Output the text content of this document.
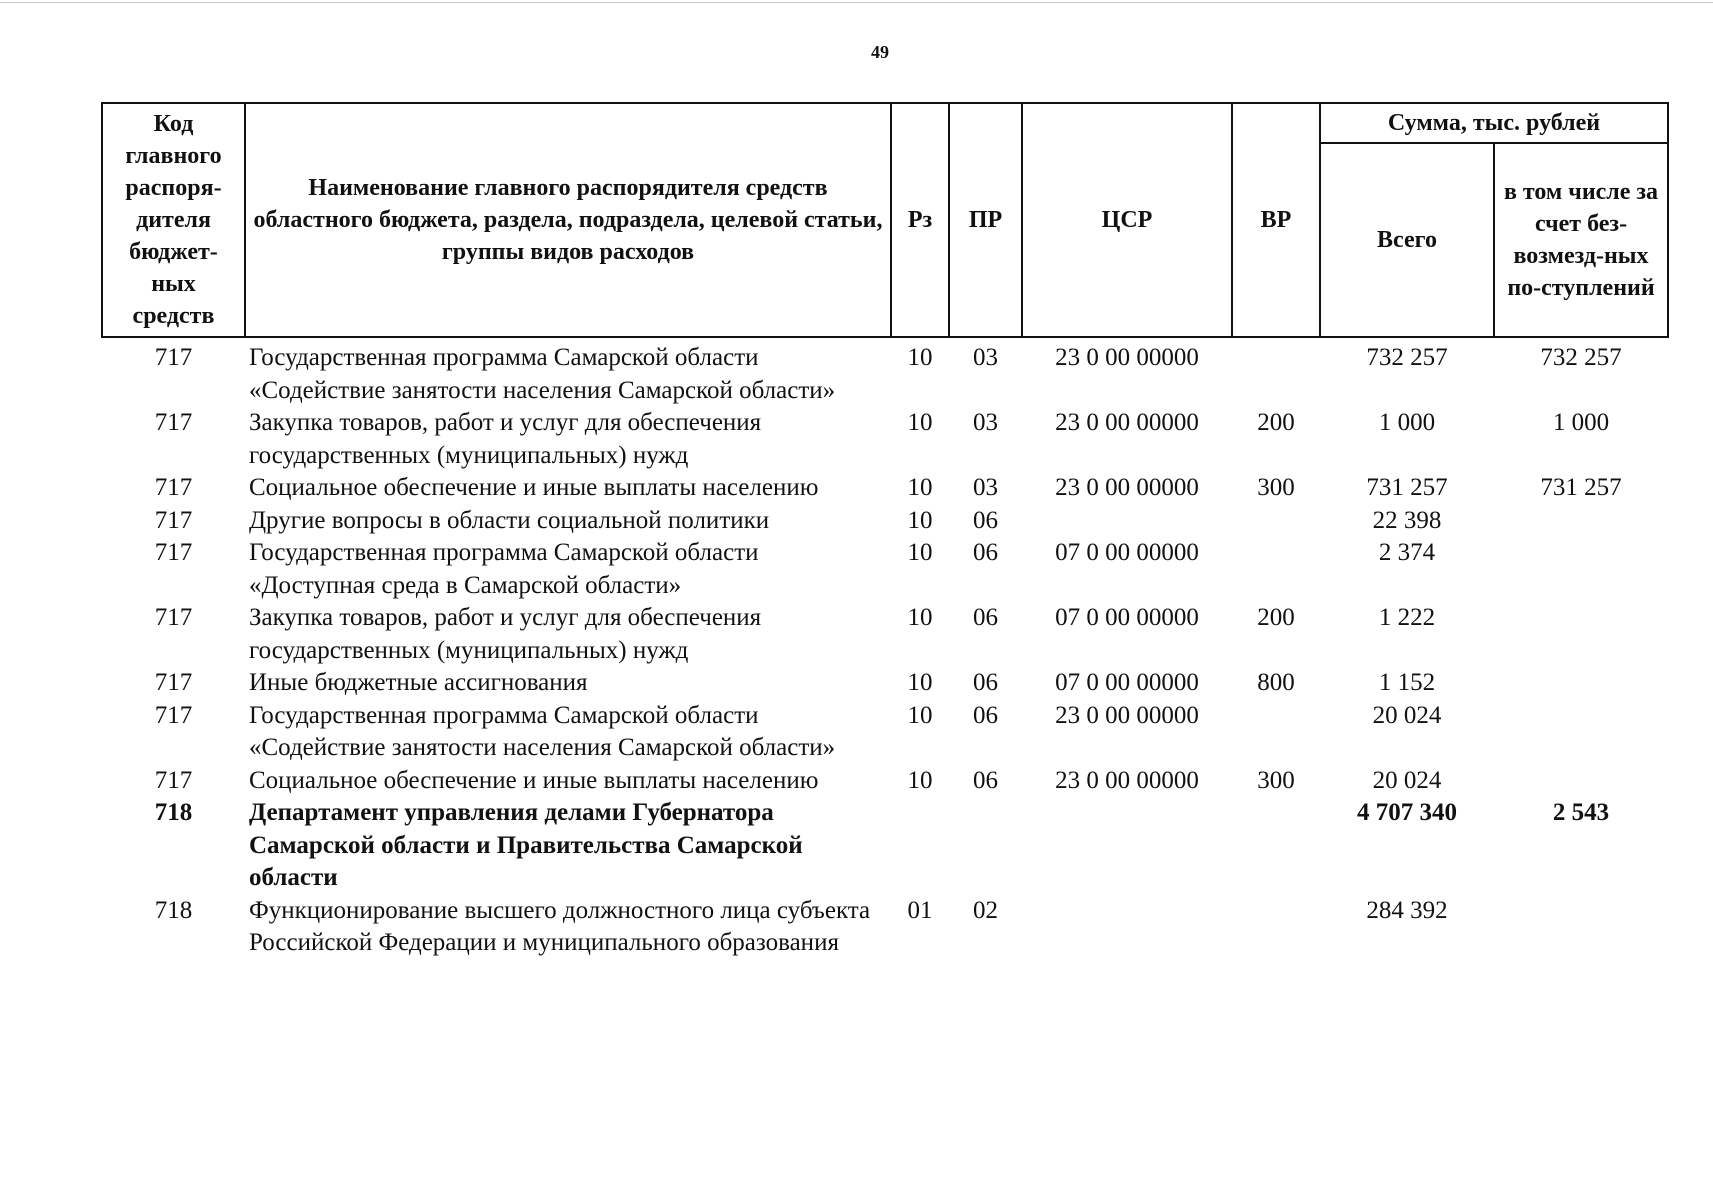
49
Код главного распоря-дителя бюджет-ных средств	Наименование главного распорядителя средств областного бюджета, раздела, подраздела, целевой статьи, группы видов расходов	Рз	ПР	ЦСР	ВР	Сумма, тыс. рублей	
						Всего	в том числе за счет без-возмезд-ных по-ступлений
717	Государственная программа Самарской области «Содействие занятости населения Самарской области»	10	03	23 0 00 00000		732 257	732 257
717	Закупка товаров, работ и услуг для обеспечения государственных (муниципальных) нужд	10	03	23 0 00 00000	200	1 000	1 000
717	Социальное обеспечение и иные выплаты населению	10	03	23 0 00 00000	300	731 257	731 257
717	Другие вопросы в области социальной политики	10	06			22 398	
717	Государственная программа Самарской области «Доступная среда в Самарской области»	10	06	07 0 00 00000		2 374	
717	Закупка товаров, работ и услуг для обеспечения государственных (муниципальных) нужд	10	06	07 0 00 00000	200	1 222	
717	Иные бюджетные ассигнования	10	06	07 0 00 00000	800	1 152	
717	Государственная программа Самарской области «Содействие занятости населения Самарской области»	10	06	23 0 00 00000		20 024	
717	Социальное обеспечение и иные выплаты населению	10	06	23 0 00 00000	300	20 024	
718	Департамент управления делами Губернатора Самарской области и Правительства Самарской области					4 707 340	2 543
718	Функционирование высшего должностного лица субъекта Российской Федерации и муниципального образования	01	02			284 392	
